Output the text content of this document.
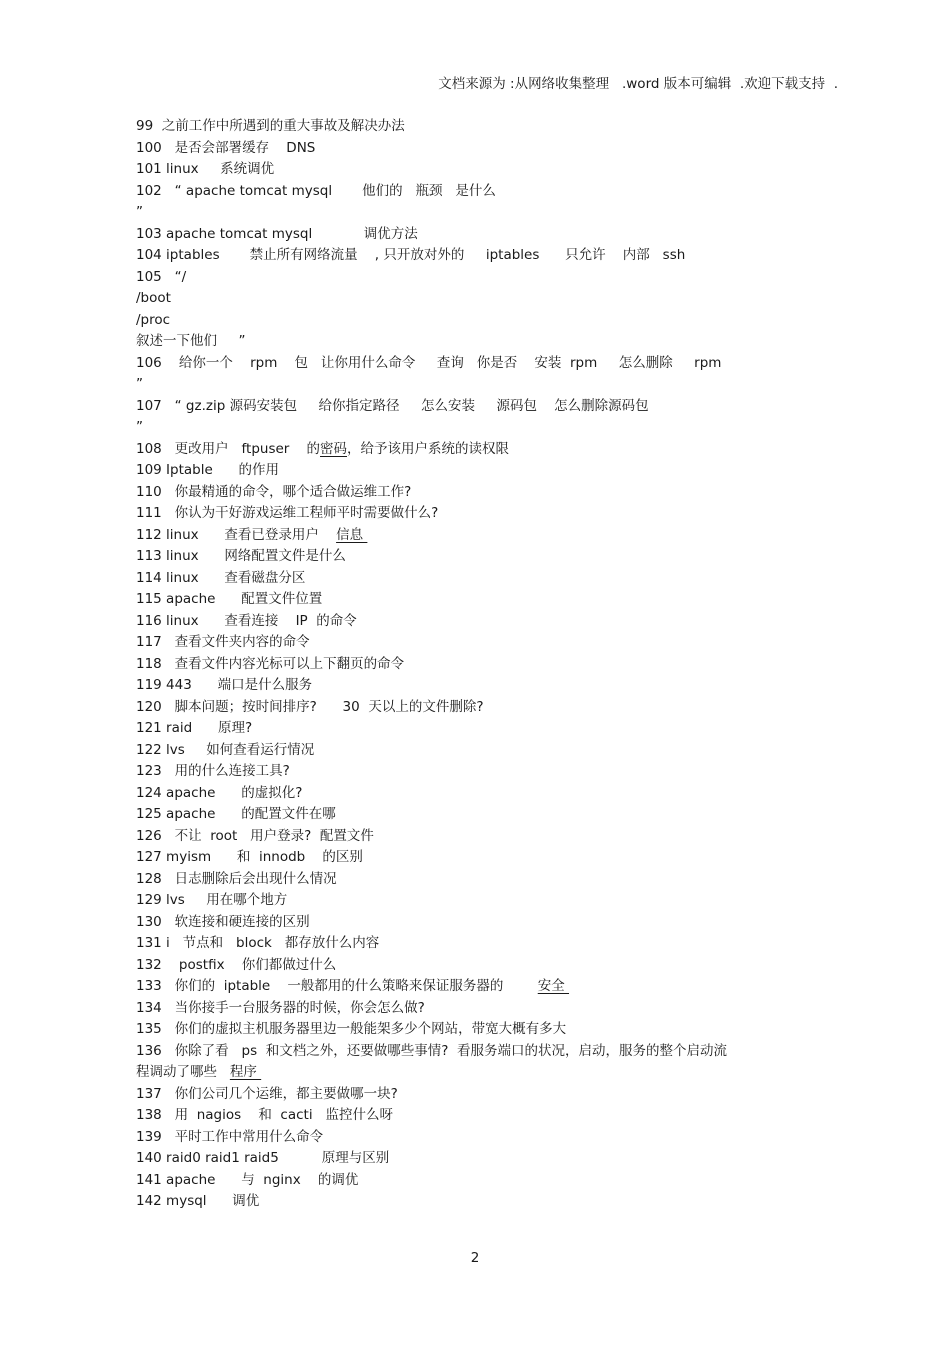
文档来源为 :从网络收集整理   .word 版本可编辑  .欢迎下载支持  .
99  之前工作中所遇到的重大事故及解决办法
100   是否会部署缓存    DNS
101 linux     系统调优
102   “ apache tomcat mysql       他们的   瓶颈   是什么
”
103 apache tomcat mysql            调优方法
104 iptables       禁止所有网络流量    , 只开放对外的     iptables      只允许    内部   ssh
105   “/
/boot
/proc
叙述一下他们     ”
106    给你一个    rpm    包   让你用什么命令     查询   你是否    安装  rpm     怎么删除     rpm
”
107   “ gz.zip 源码安装包     给你指定路径     怎么安装     源码包    怎么删除源码包
”
108   更改用户   ftpuser    的密码，给予该用户系统的读权限
109 Iptable      的作用
110   你最精通的命令，哪个适合做运维工作?
111   你认为干好游戏运维工程师平时需要做什么?
112 linux      查看已登录用户    信息
113 linux      网络配置文件是什么
114 linux      查看磁盘分区
115 apache      配置文件位置
116 linux      查看连接    IP  的命令
117   查看文件夹内容的命令
118   查看文件内容光标可以上下翻页的命令
119 443      端口是什么服务
120   脚本问题；按时间排序?      30  天以上的文件删除?
121 raid      原理?
122 lvs     如何查看运行情况
123   用的什么连接工具?
124 apache      的虚拟化?
125 apache      的配置文件在哪
126   不让  root   用户登录?  配置文件
127 myism      和  innodb    的区别
128   日志删除后会出现什么情况
129 lvs     用在哪个地方
130   软连接和硬连接的区别
131 i   节点和   block   都存放什么内容
132    postfix    你们都做过什么
133   你们的  iptable    一般都用的什么策略来保证服务器的        安全
134   当你接手一台服务器的时候，你会怎么做?
135   你们的虚拟主机服务器里边一般能架多少个网站，带宽大概有多大
136   你除了看   ps  和文档之外，还要做哪些事情?  看服务端口的状况，启动，服务的整个启动流
程调动了哪些   程序
137   你们公司几个运维，都主要做哪一块?
138   用  nagios    和  cacti   监控什么呀
139   平时工作中常用什么命令
140 raid0 raid1 raid5          原理与区别
141 apache      与  nginx    的调优
142 mysql      调优
2
